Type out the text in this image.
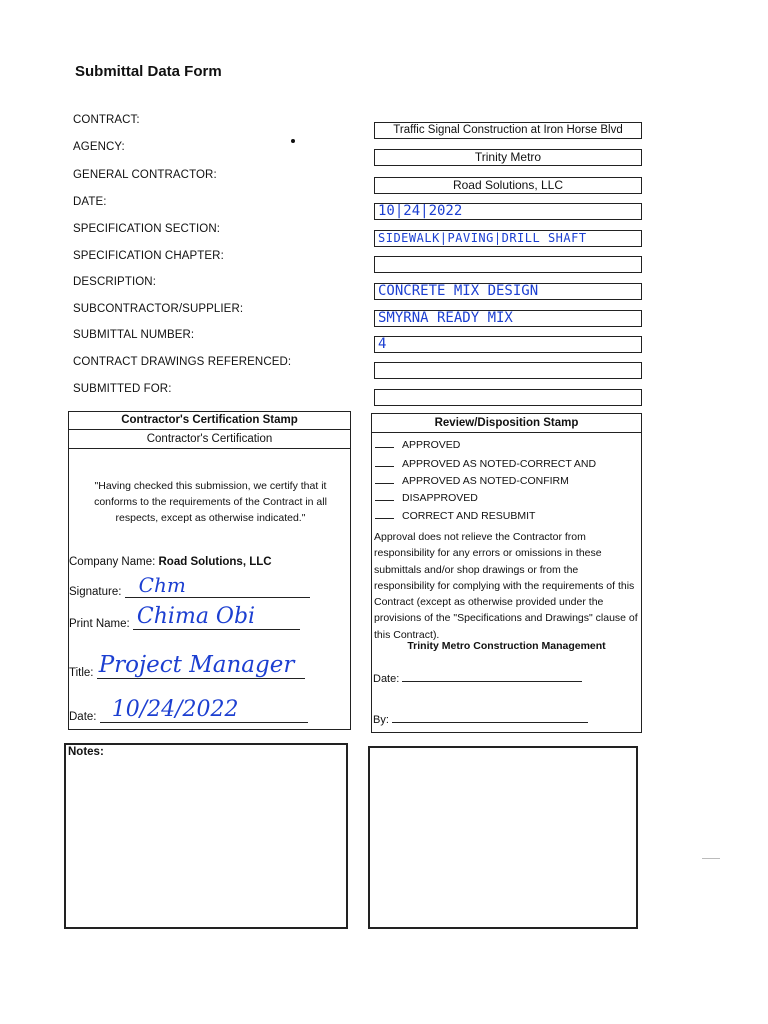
Submittal Data Form
CONTRACT:
AGENCY:
GENERAL CONTRACTOR:
DATE:
SPECIFICATION SECTION:
SPECIFICATION CHAPTER:
DESCRIPTION:
SUBCONTRACTOR/SUPPLIER:
SUBMITTAL NUMBER:
CONTRACT DRAWINGS REFERENCED:
SUBMITTED FOR:
Traffic Signal Construction at Iron Horse Blvd
Trinity Metro
Road Solutions, LLC
10|24|2022
SIDEWALK|PAVING|DRILL SHAFT
CONCRETE MIX DESIGN
SMYRNA READY MIX
4
Contractor's Certification Stamp
Contractor's Certification
"Having checked this submission, we certify that it conforms to the requirements of the Contract in all respects, except as otherwise indicated."
Company Name: Road Solutions, LLC
Signature: Chm
Print Name: Chima Obi
Title: Project Manager
Date: 10/24/2022
Review/Disposition Stamp
APPROVED
APPROVED AS NOTED-CORRECT AND
APPROVED AS NOTED-CONFIRM
DISAPPROVED
CORRECT AND RESUBMIT
Approval does not relieve the Contractor from responsibility for any errors or omissions in these submittals and/or shop drawings or from the responsibility for complying with the requirements of this Contract (except as otherwise provided under the provisions of the "Specifications and Drawings" clause of this Contract).
Trinity Metro Construction Management
Date:
By:
Notes:
